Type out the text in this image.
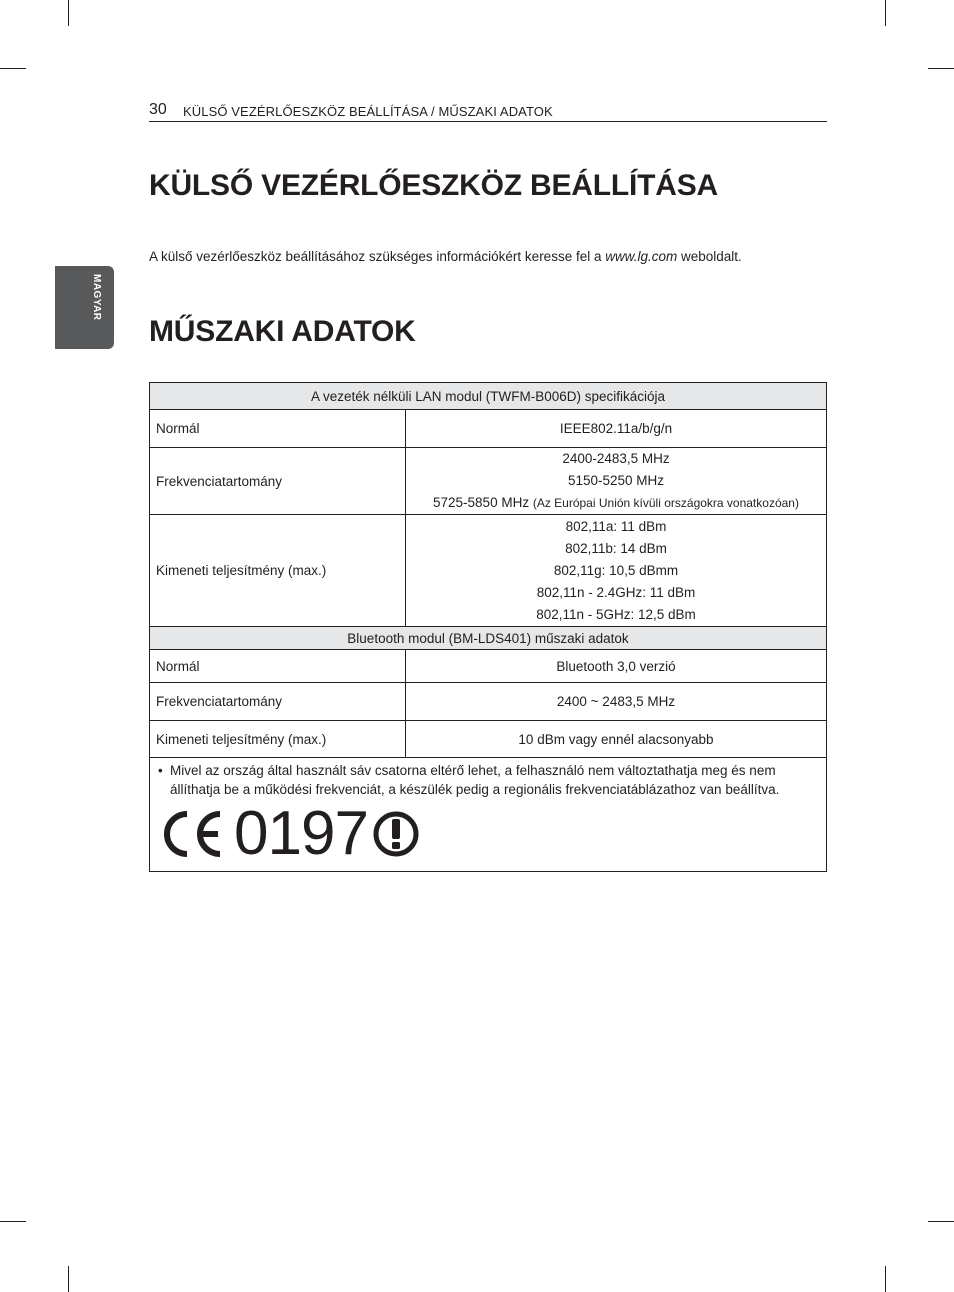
30 KÜLSŐ VEZÉRLŐESZKÖZ BEÁLLÍTÁSA / MŰSZAKI ADATOK
MAGYAR
KÜLSŐ VEZÉRLŐESZKÖZ BEÁLLÍTÁSA

A külső vezérlőeszköz beállításához szükséges információkért keresse fel a www.lg.com weboldalt.

MŰSZAKI ADATOK
A vezeték nélküli LAN modul (TWFM-B006D) specifikációja	
Normál	IEEE802.11a/b/g/n
Frekvenciatartomány	2400-2483,5 MHz
5150-5250 MHz
5725-5850 MHz (Az Európai Unión kívüli országokra vonatkozóan)

Kimeneti teljesítmény (max.)	802,11a: 11 dBm
802,11b: 14 dBm
802,11g: 10,5 dBmm
802,11n - 2.4GHz: 11 dBm
802,11n - 5GHz: 12,5 dBm

Bluetooth modul (BM-LDS401) műszaki adatok	
Normál	Bluetooth 3,0 verzió
Frekvenciatartomány	2400 ~ 2483,5 MHz
Kimeneti teljesítmény (max.)	10 dBm vagy ennél alacsonyabb

• Mivel az ország által használt sáv csatorna eltérő lehet, a felhasználó nem változtathatja meg és nem állíthatja be a működési frekvenciát, a készülék pedig a regionális frekvenciatáblázathoz van beállítva.
0197	
